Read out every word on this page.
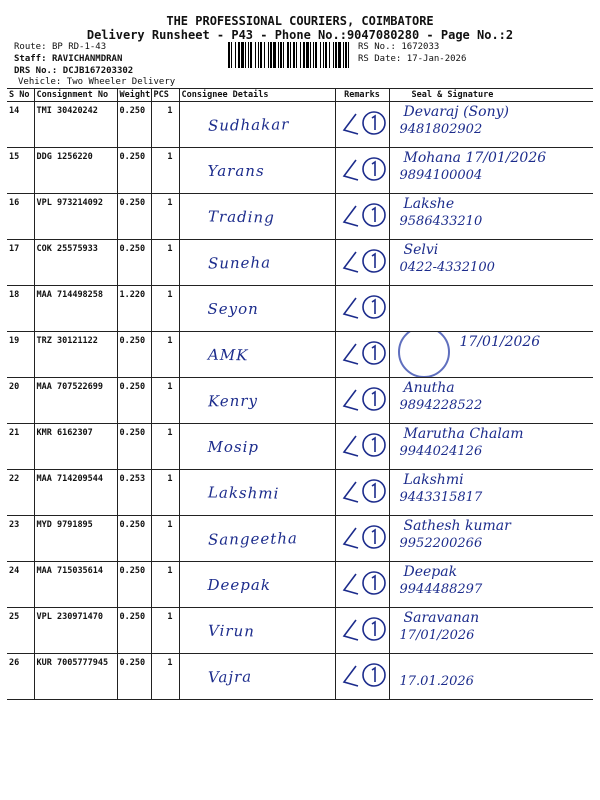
THE PROFESSIONAL COURIERS, COIMBATORE
Delivery Runsheet - P43 - Phone No.:9047080280 - Page No.:2
Route: BP RD-1-43
Staff: RAVICHANMDRAN
DRS No.: DCJB167203302
Vehicle: Two Wheeler Delivery
RS No.: 1672033
RS Date: 17-Jan-2026
S No	Consignment No	Weight	PCS	Consignee Details	Remarks	Seal & Signature
14	TMI 30420242	0.250	1	Sudhakar		Devaraj (Sony)
9481802902

15	DDG 1256220	0.250	1	Yarans		Mohana 17/01/2026
9894100004

16	VPL 973214092	0.250	1	Trading		Lakshe
9586433210

17	COK 25575933	0.250	1	Suneha		Selvi
0422-4332100

18	MAA 714498258	1.220	1	Seyon

19	TRZ 30121122	0.250	1	AMK		17/01/2026

20	MAA 707522699	0.250	1	Kenry		Anutha
9894228522

21	KMR 6162307	0.250	1	Mosip		Marutha Chalam
9944024126

22	MAA 714209544	0.253	1	Lakshmi		Lakshmi
9443315817

23	MYD 9791895	0.250	1	Sangeetha		Sathesh kumar
9952200266

24	MAA 715035614	0.250	1	Deepak		Deepak
9944488297

25	VPL 230971470	0.250	1	Virun		Saravanan
17/01/2026

26	KUR 7005777945	0.250	1	Vajra		17.01.2026
